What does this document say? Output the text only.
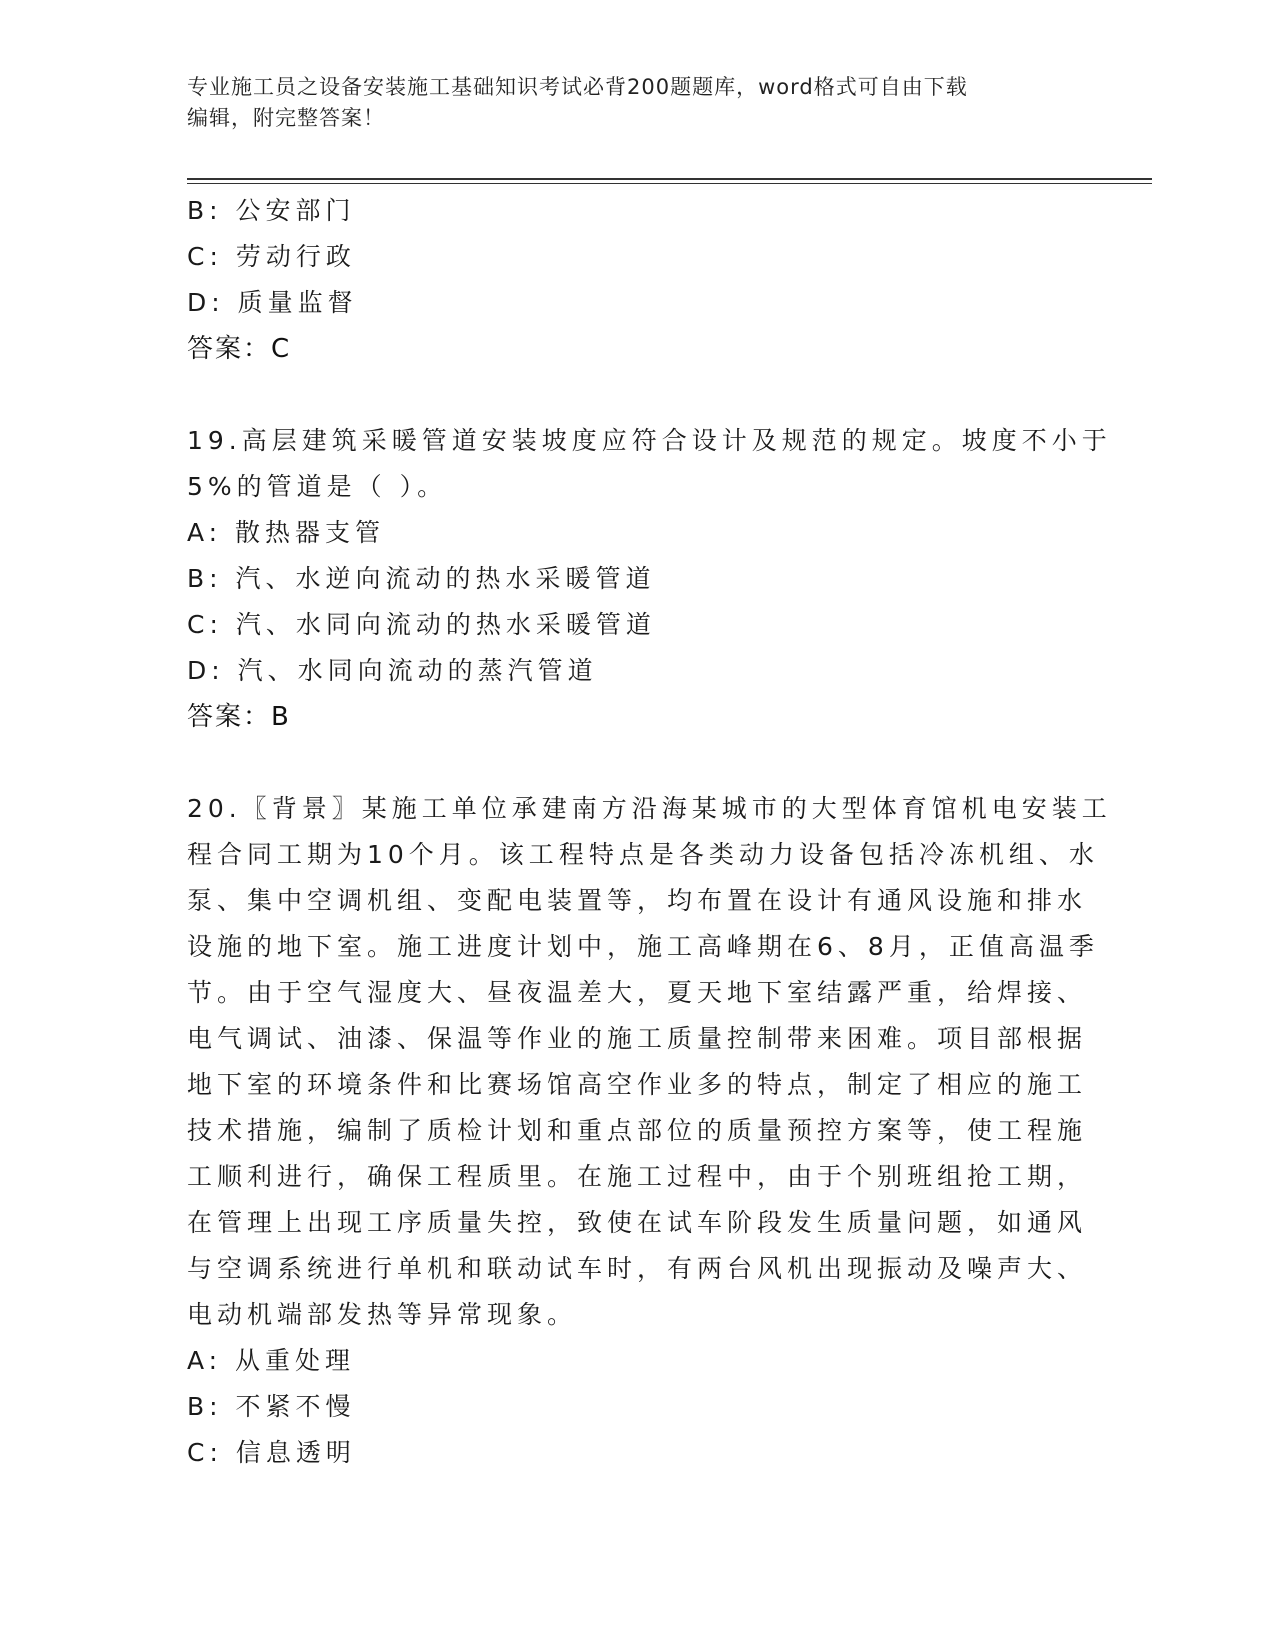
专业施工员之设备安装施工基础知识考试必背200题题库，word格式可自由下载
编辑，附完整答案！
B: 公安部门
C: 劳动行政
D: 质量监督
答案：C
19.高层建筑采暖管道安装坡度应符合设计及规范的规定。坡度不小于
5%的管道是（ ）。
A: 散热器支管
B: 汽、水逆向流动的热水采暖管道
C: 汽、水同向流动的热水采暖管道
D: 汽、水同向流动的蒸汽管道
答案：B
20.〖背景〗某施工单位承建南方沿海某城市的大型体育馆机电安装工
程合同工期为10个月。该工程特点是各类动力设备包括冷冻机组、水
泵、集中空调机组、变配电装置等，均布置在设计有通风设施和排水
设施的地下室。施工进度计划中，施工高峰期在6、8月，正值高温季
节。由于空气湿度大、昼夜温差大，夏天地下室结露严重，给焊接、
电气调试、油漆、保温等作业的施工质量控制带来困难。项目部根据
地下室的环境条件和比赛场馆高空作业多的特点，制定了相应的施工
技术措施，编制了质检计划和重点部位的质量预控方案等，使工程施
工顺利进行，确保工程质里。在施工过程中，由于个别班组抢工期，
在管理上出现工序质量失控，致使在试车阶段发生质量问题，如通风
与空调系统进行单机和联动试车时，有两台风机出现振动及噪声大、
电动机端部发热等异常现象。
A: 从重处理
B: 不紧不慢
C: 信息透明
